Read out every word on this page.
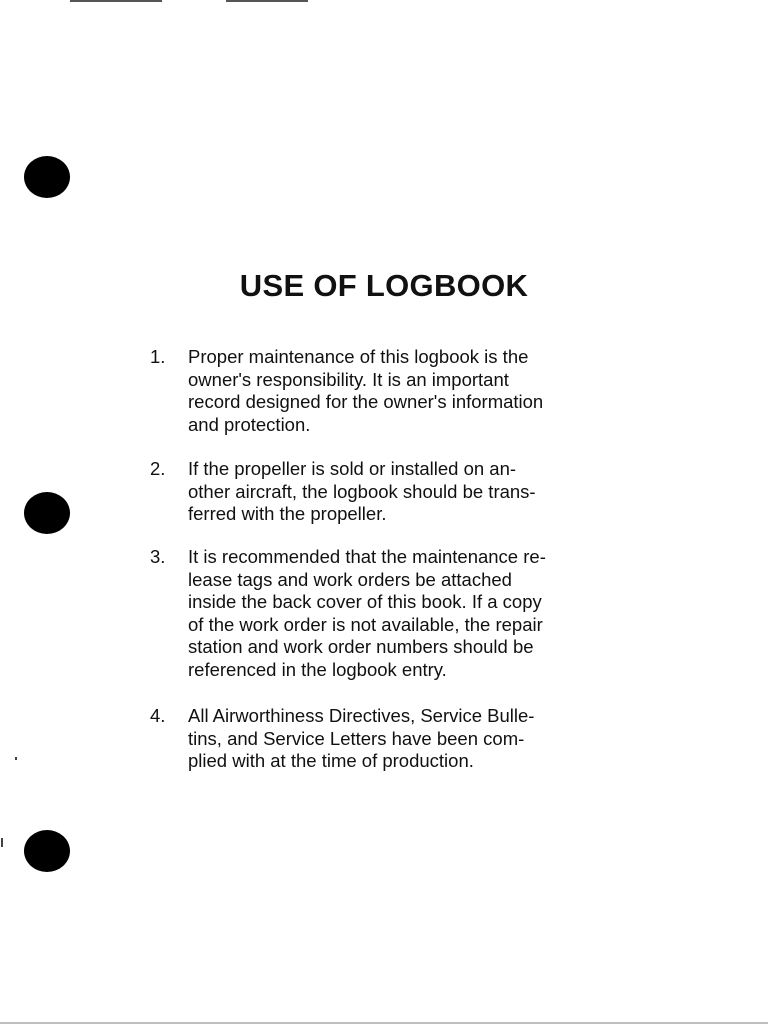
USE OF LOGBOOK
1.	Proper maintenance of this logbook is the
owner's responsibility. It is an important
record designed for the owner's information
and protection.
2.	If the propeller is sold or installed on an-
other aircraft, the logbook should be trans-
ferred with the propeller.
3.	It is recommended that the maintenance re-
lease tags and work orders be attached
inside the back cover of this book. If a copy
of the work order is not available, the repair
station and work order numbers should be
referenced in the logbook entry.
4.	All Airworthiness Directives, Service Bulle-
tins, and Service Letters have been com-
plied with at the time of production.
